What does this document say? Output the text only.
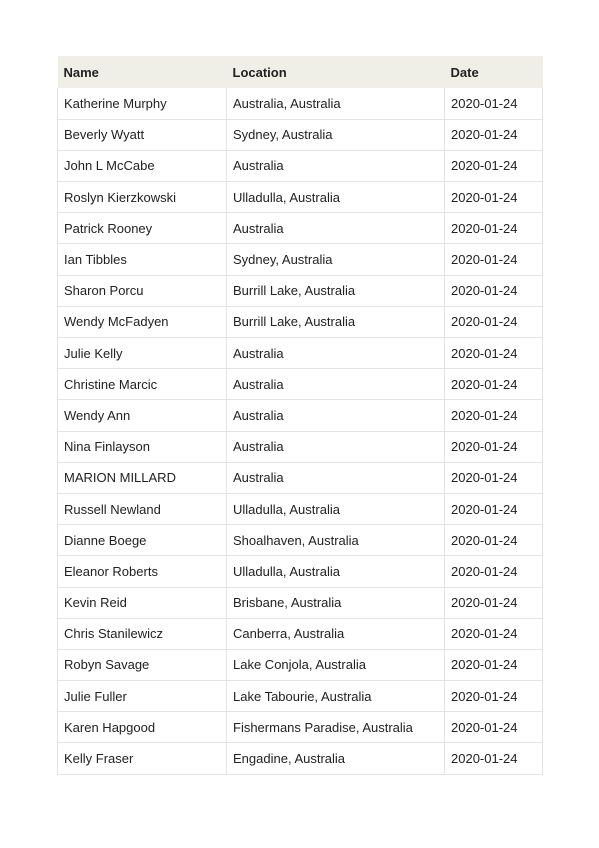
Name	Location	Date
Katherine Murphy	Australia, Australia	2020-01-24
Beverly Wyatt	Sydney, Australia	2020-01-24
John L McCabe	Australia	2020-01-24
Roslyn Kierzkowski	Ulladulla, Australia	2020-01-24
Patrick Rooney	Australia	2020-01-24
Ian Tibbles	Sydney, Australia	2020-01-24
Sharon Porcu	Burrill Lake, Australia	2020-01-24
Wendy McFadyen	Burrill Lake, Australia	2020-01-24
Julie Kelly	Australia	2020-01-24
Christine Marcic	Australia	2020-01-24
Wendy Ann	Australia	2020-01-24
Nina Finlayson	Australia	2020-01-24
MARION MILLARD	Australia	2020-01-24
Russell Newland	Ulladulla, Australia	2020-01-24
Dianne Boege	Shoalhaven, Australia	2020-01-24
Eleanor Roberts	Ulladulla, Australia	2020-01-24
Kevin Reid	Brisbane, Australia	2020-01-24
Chris Stanilewicz	Canberra, Australia	2020-01-24
Robyn Savage	Lake Conjola, Australia	2020-01-24
Julie Fuller	Lake Tabourie, Australia	2020-01-24
Karen Hapgood	Fishermans Paradise, Australia	2020-01-24
Kelly Fraser	Engadine, Australia	2020-01-24
